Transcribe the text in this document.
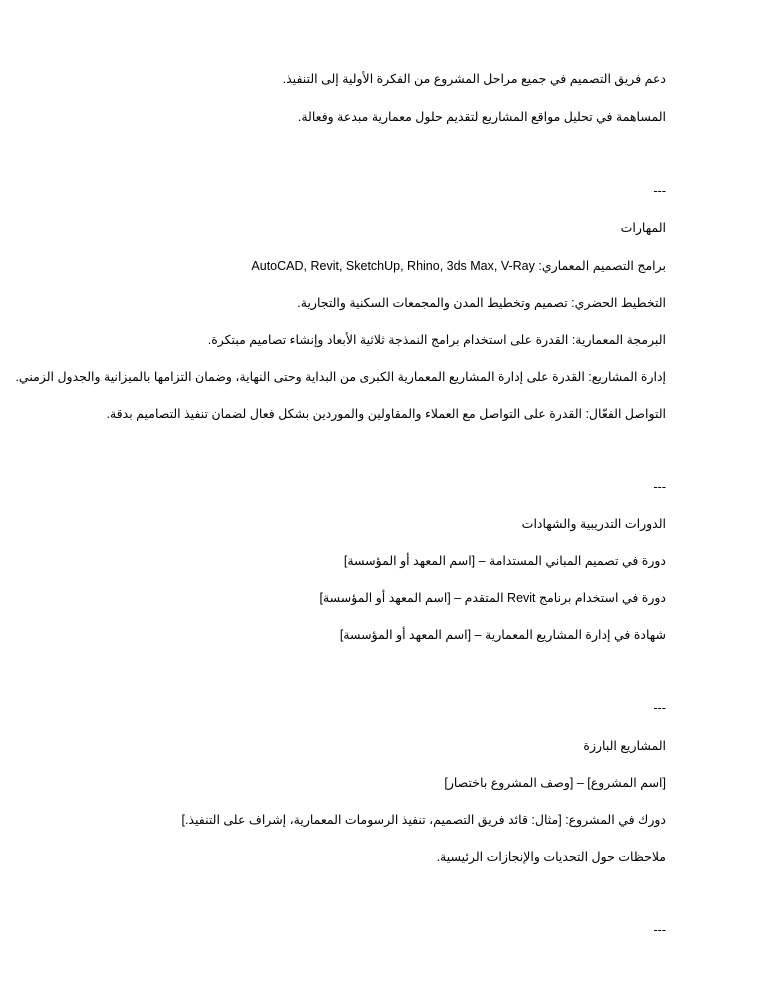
دعم فريق التصميم في جميع مراحل المشروع من الفكرة الأولية إلى التنفيذ.
المساهمة في تحليل مواقع المشاريع لتقديم حلول معمارية مبدعة وفعالة.
---
المهارات
برامج التصميم المعماري: AutoCAD, Revit, SketchUp, Rhino, 3ds Max, V-Ray
التخطيط الحضري: تصميم وتخطيط المدن والمجمعات السكنية والتجارية.
البرمجة المعمارية: القدرة على استخدام برامج النمذجة ثلاثية الأبعاد وإنشاء تصاميم مبتكرة.
إدارة المشاريع: القدرة على إدارة المشاريع المعمارية الكبرى من البداية وحتى النهاية، وضمان التزامها بالميزانية والجدول الزمني.
التواصل الفعّال: القدرة على التواصل مع العملاء والمقاولين والموردين بشكل فعال لضمان تنفيذ التصاميم بدقة.
---
الدورات التدريبية والشهادات
دورة في تصميم المباني المستدامة – [اسم المعهد أو المؤسسة]
دورة في استخدام برنامج Revit المتقدم – [اسم المعهد أو المؤسسة]
شهادة في إدارة المشاريع المعمارية – [اسم المعهد أو المؤسسة]
---
المشاريع البارزة
[اسم المشروع] – [وصف المشروع باختصار]
دورك في المشروع: [مثال: قائد فريق التصميم، تنفيذ الرسومات المعمارية، إشراف على التنفيذ.]
ملاحظات حول التحديات والإنجازات الرئيسية.
---
